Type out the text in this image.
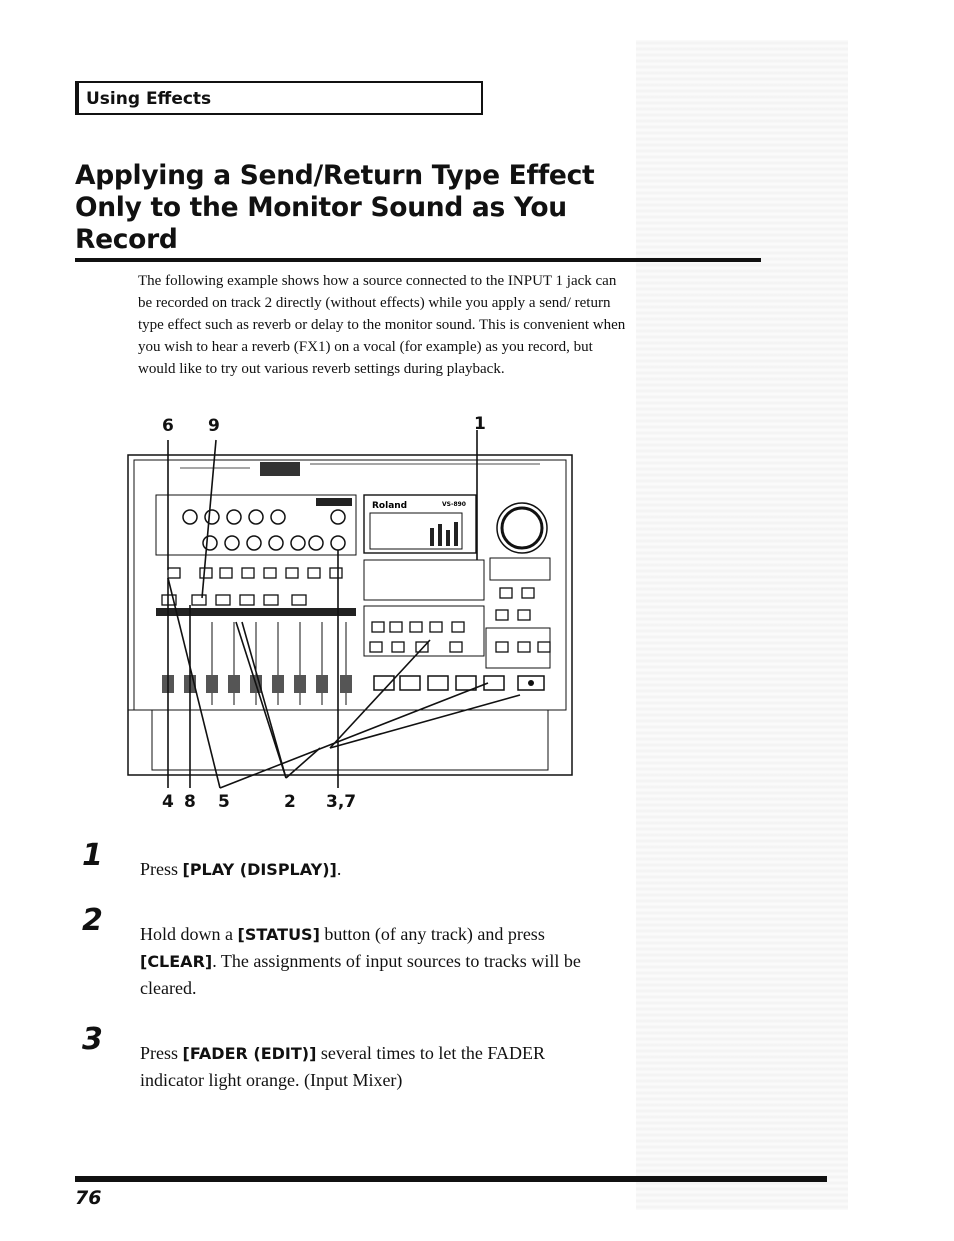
Using Effects
Applying a Send/Return Type Effect
Only to the Monitor Sound as You
Record

The following example shows how a source connected to the INPUT 1 jack can be recorded on track 2 directly (without effects) while you apply a send/ return type effect such as reverb or delay to the monitor sound. This is convenient when you wish to hear a reverb (FX1) on a vocal (for example) as you record, but would like to try out various reverb settings during playback.

Roland	VS-890
6 9	1
4 8 5	2 3,7
1 Press [PLAY (DISPLAY)].

2 Hold down a [STATUS] button (of any track) and press [CLEAR]. The assignments of input sources to tracks will be cleared.

3 Press [FADER (EDIT)] several times to let the FADER indicator light orange. (Input Mixer)

76
